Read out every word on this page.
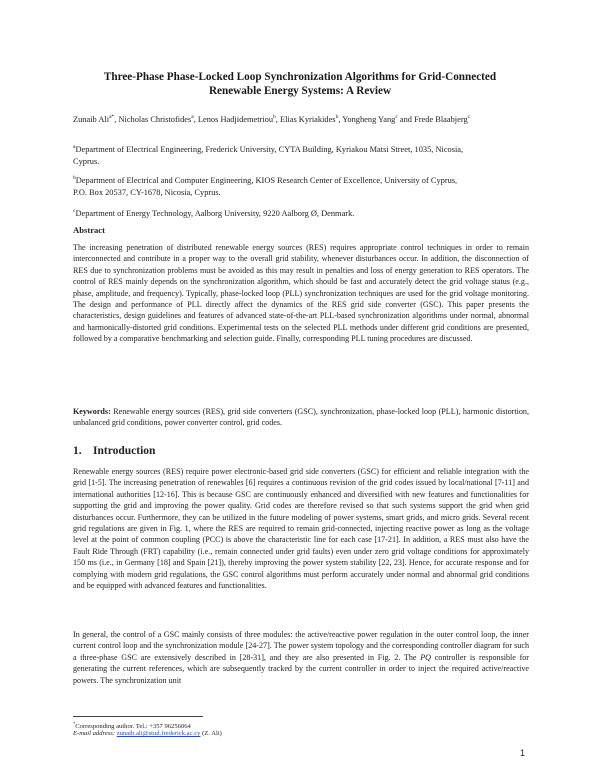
Three-Phase Phase-Locked Loop Synchronization Algorithms for Grid-Connected
Renewable Energy Systems: A Review
Zunaib Ali$^{a*}$, Nicholas Christofides$^a$, Lenos Hadjidemetriou$^b$, Elias Kyriakides$^b$, Yongheng Yang$^c$ and Frede Blaabjerg$^c$
$^a$Department of Electrical Engineering, Frederick University, CYTA Building, Kyriakou Matsi Street, 1035, Nicosia,
Cyprus.
$^b$Department of Electrical and Computer Engineering, KIOS Research Center of Excellence, University of Cyprus,
P.O. Box 20537, CY-1678, Nicosia, Cyprus.
$^c$Department of Energy Technology, Aalborg University, 9220 Aalborg Ø, Denmark.
Abstract
The increasing penetration of distributed renewable energy sources (RES) requires appropriate control techniques in order to remain interconnected and contribute in a proper way to the overall grid stability, whenever disturbances occur. In addition, the disconnection of RES due to synchronization problems must be avoided as this may result in penalties and loss of energy generation to RES operators. The control of RES mainly depends on the synchronization algorithm, which should be fast and accurately detect the grid voltage status (e.g., phase, amplitude, and frequency). Typically, phase-locked loop (PLL) synchronization techniques are used for the grid voltage monitoring. The design and performance of PLL directly affect the dynamics of the RES grid side converter (GSC). This paper presents the characteristics, design guidelines and features of advanced state-of-the-art PLL-based synchronization algorithms under normal, abnormal and harmonically-distorted grid conditions. Experimental tests on the selected PLL methods under different grid conditions are presented, followed by a comparative benchmarking and selection guide. Finally, corresponding PLL tuning procedures are discussed.
Keywords: Renewable energy sources (RES), grid side converters (GSC), synchronization, phase-locked loop (PLL), harmonic distortion, unbalanced grid conditions, power converter control, grid codes.
1. Introduction
Renewable energy sources (RES) require power electronic-based grid side converters (GSC) for efficient and reliable integration with the grid [1-5]. The increasing penetration of renewables [6] requires a continuous revision of the grid codes issued by local/national [7-11] and international authorities [12-16]. This is because GSC are continuously enhanced and diversified with new features and functionalities for supporting the grid and improving the power quality. Grid codes are therefore revised so that such systems support the grid when grid disturbances occur. Furthermore, they can be utilized in the future modeling of power systems, smart grids, and micro grids. Several recent grid regulations are given in Fig. 1, where the RES are required to remain grid-connected, injecting reactive power as long as the voltage level at the point of common coupling (PCC) is above the characteristic line for each case [17-21]. In addition, a RES must also have the Fault Ride Through (FRT) capability (i.e., remain connected under grid faults) even under zero grid voltage conditions for approximately 150 ms (i.e., in Germany [18] and Spain [21]), thereby improving the power system stability [22, 23]. Hence, for accurate response and for complying with modern grid regulations, the GSC control algorithms must perform accurately under normal and abnormal grid conditions and be equipped with advanced features and functionalities.
In general, the control of a GSC mainly consists of three modules: the active/reactive power regulation in the outer control loop, the inner current control loop and the synchronization module [24-27]. The power system topology and the corresponding controller diagram for such a three-phase GSC are extensively described in [28-31], and they are also presented in Fig. 2. The PQ controller is responsible for generating the current references, which are subsequently tracked by the current controller in order to inject the required active/reactive powers. The synchronization unit
*Corresponding author. Tel.: +357 96256064
E-mail address: zunaib.ali@stud.frederick.ac.cy (Z. Ali)
1
